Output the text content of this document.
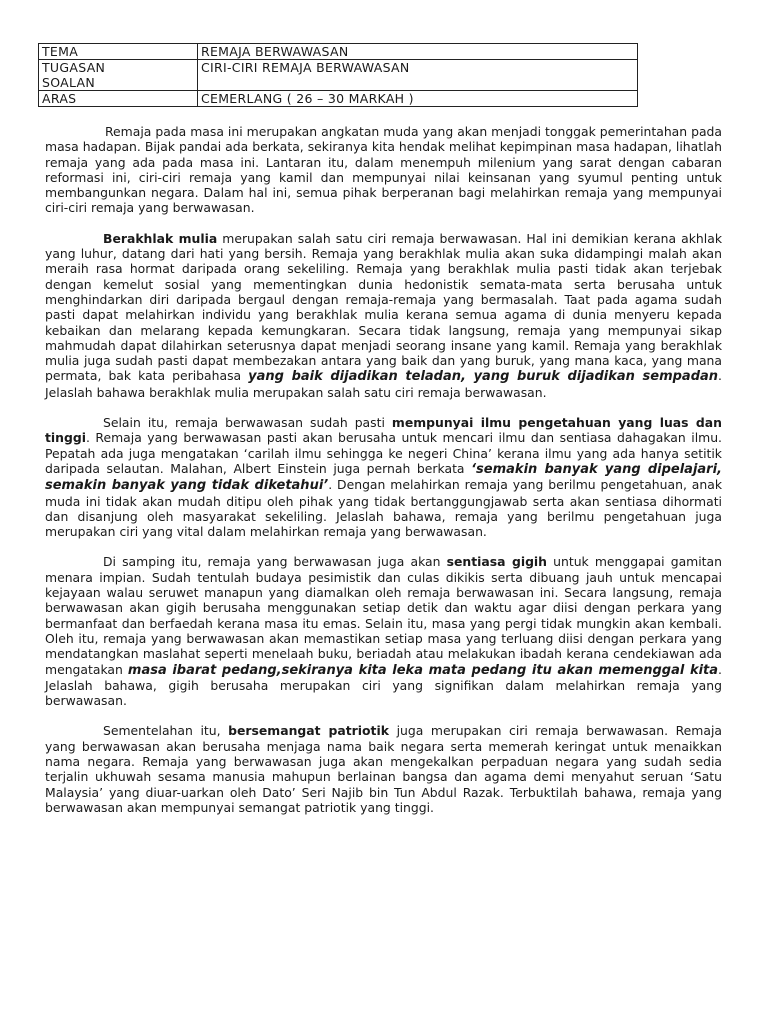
TEMA	REMAJA BERWAWASAN
TUGASAN
SOALAN	CIRI-CIRI REMAJA BERWAWASAN
ARAS	CEMERLANG ( 26 – 30 MARKAH )

Remaja pada masa ini merupakan angkatan muda yang akan menjadi tonggak pemerintahan pada masa hadapan. Bijak pandai ada berkata, sekiranya kita hendak melihat kepimpinan masa hadapan, lihatlah remaja yang ada pada masa ini. Lantaran itu, dalam menempuh milenium yang sarat dengan cabaran reformasi ini, ciri-ciri remaja yang kamil dan mempunyai nilai keinsanan yang syumul penting untuk membangunkan negara. Dalam hal ini, semua pihak berperanan bagi melahirkan remaja yang mempunyai ciri-ciri remaja yang berwawasan.

Berakhlak mulia merupakan salah satu ciri remaja berwawasan. Hal ini demikian kerana akhlak yang luhur, datang dari hati yang bersih. Remaja yang berakhlak mulia akan suka didampingi malah akan meraih rasa hormat daripada orang sekeliling. Remaja yang berakhlak mulia pasti tidak akan terjebak dengan kemelut sosial yang mementingkan dunia hedonistik semata-mata serta berusaha untuk menghindarkan diri daripada bergaul dengan remaja-remaja yang bermasalah. Taat pada agama sudah pasti dapat melahirkan individu yang berakhlak mulia kerana semua agama di dunia menyeru kepada kebaikan dan melarang kepada kemungkaran. Secara tidak langsung, remaja yang mempunyai sikap mahmudah dapat dilahirkan seterusnya dapat menjadi seorang insane yang kamil. Remaja yang berakhlak mulia juga sudah pasti dapat membezakan antara yang baik dan yang buruk, yang mana kaca, yang mana permata, bak kata peribahasa yang baik dijadikan teladan, yang buruk dijadikan sempadan. Jelaslah bahawa berakhlak mulia merupakan salah satu ciri remaja berwawasan.

Selain itu, remaja berwawasan sudah pasti mempunyai ilmu pengetahuan yang luas dan tinggi. Remaja yang berwawasan pasti akan berusaha untuk mencari ilmu dan sentiasa dahagakan ilmu. Pepatah ada juga mengatakan ‘carilah ilmu sehingga ke negeri China’ kerana ilmu yang ada hanya setitik daripada selautan. Malahan, Albert Einstein juga pernah berkata ‘semakin banyak yang dipelajari, semakin banyak yang tidak diketahui’. Dengan melahirkan remaja yang berilmu pengetahuan, anak muda ini tidak akan mudah ditipu oleh pihak yang tidak bertanggungjawab serta akan sentiasa dihormati dan disanjung oleh masyarakat sekeliling. Jelaslah bahawa, remaja yang berilmu pengetahuan juga merupakan ciri yang vital dalam melahirkan remaja yang berwawasan.

Di samping itu, remaja yang berwawasan juga akan sentiasa gigih untuk menggapai gamitan menara impian. Sudah tentulah budaya pesimistik dan culas dikikis serta dibuang jauh untuk mencapai kejayaan walau seruwet manapun yang diamalkan oleh remaja berwawasan ini. Secara langsung, remaja berwawasan akan gigih berusaha menggunakan setiap detik dan waktu agar diisi dengan perkara yang bermanfaat dan berfaedah kerana masa itu emas. Selain itu, masa yang pergi tidak mungkin akan kembali. Oleh itu, remaja yang berwawasan akan memastikan setiap masa yang terluang diisi dengan perkara yang mendatangkan maslahat seperti menelaah buku, beriadah atau melakukan ibadah kerana cendekiawan ada mengatakan masa ibarat pedang,sekiranya kita leka mata pedang itu akan memenggal kita. Jelaslah bahawa, gigih berusaha merupakan ciri yang signifikan dalam melahirkan remaja yang berwawasan.

Sementelahan itu, bersemangat patriotik juga merupakan ciri remaja berwawasan. Remaja yang berwawasan akan berusaha menjaga nama baik negara serta memerah keringat untuk menaikkan nama negara. Remaja yang berwawasan juga akan mengekalkan perpaduan negara yang sudah sedia terjalin ukhuwah sesama manusia mahupun berlainan bangsa dan agama demi menyahut seruan ‘Satu Malaysia’ yang diuar-uarkan oleh Dato’ Seri Najib bin Tun Abdul Razak. Terbuktilah bahawa, remaja yang berwawasan akan mempunyai semangat patriotik yang tinggi.
